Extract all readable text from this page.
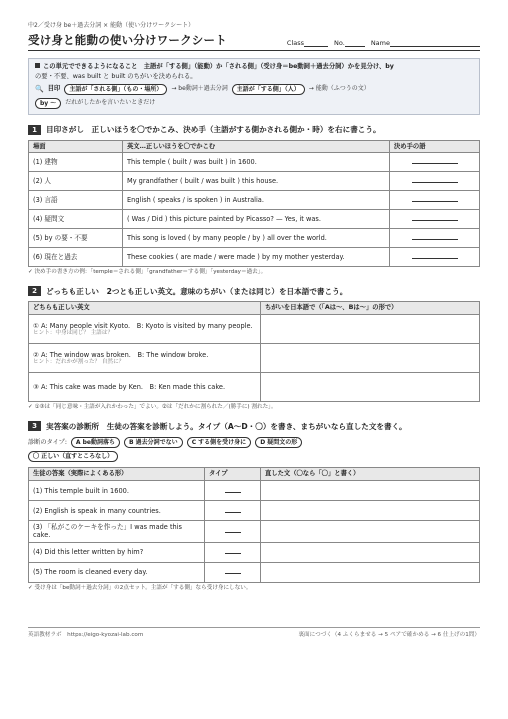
中2／受け身 be＋過去分詞 × 能動（使い分けワークシート）
受け身と能動の使い分けワークシート	Class	No.	Name
この単元でできるようになること　主語が「する側」（能動）か「される側」（受け身＝be動詞＋過去分詞）かを見分け、by
の要・不要、was built と built のちがいを決められる。
🔍 目印	主語が「される側」（もの・場所）	→ be動詞＋過去分詞	主語が「する側」（人）	→ 能動（ふつうの文）
by ～	だれがしたかを言いたいときだけ
1	目印さがし　正しいほうを〇でかこみ、決め手（主語がする側かされる側か・時）を右に書こう。
場面	英文…正しいほうを〇でかこむ	決め手の語
(1) 建物	This temple ( built / was built ) in 1600.	
(2) 人	My grandfather ( built / was built ) this house.	
(3) 言語	English ( speaks / is spoken ) in Australia.	
(4) 疑問文	( Was / Did ) this picture painted by Picasso? — Yes, it was.	
(5) by の要・不要	This song is loved ( by many people / by ) all over the world.	
(6) 現在と過去	These cookies ( are made / were made ) by my mother yesterday.	
✓ 決め手の書き方の例：「temple＝される側」「grandfather＝する側」「yesterday＝過去」。
2	どっちも正しい　2つとも正しい英文。意味のちがい（または同じ）を日本語で書こう。
どちらも正しい英文	ちがいを日本語で（「Aは～、Bは～」の形で）

① A: Many people visit Kyoto.　B: Kyoto is visited by many people.
ヒント：中身は同じ？ 主語は？	

② A: The window was broken.　B: The window broke.
ヒント：だれかが割った？ 自然に？	

③ A: This cake was made by Ken.　B: Ken made this cake.	

✓ ①③は「同じ意味・主語が入れかわった」でよい。②は「だれかに割られた／(勝手に) 割れた」。
3	実答案の診断所　生徒の答案を診断しよう。タイプ（A～D・〇）を書き、まちがいなら直した文を書く。
診断のタイプ:	A be動詞落ち	B 過去分詞でない	C する側を受け身に	D 疑問文の形
〇 正しい（直すところなし）
生徒の答案（実際によくある形）	タイプ	直した文（〇なら「〇」と書く）
(1) This temple built in 1600.		
(2) English is speak in many countries.		
(3) 「私がこのケーキを作った」I was made this cake.		
(4) Did this letter written by him?		
(5) The room is cleaned every day.		
✓ 受け身は「be動詞＋過去分詞」の2点セット。主語が「する側」なら受け身にしない。
英語教材ラボ　https://eigo-kyozai-lab.com	裏面につづく（4 ふくらませる → 5 ペアで確かめる → 6 仕上げの1問）
